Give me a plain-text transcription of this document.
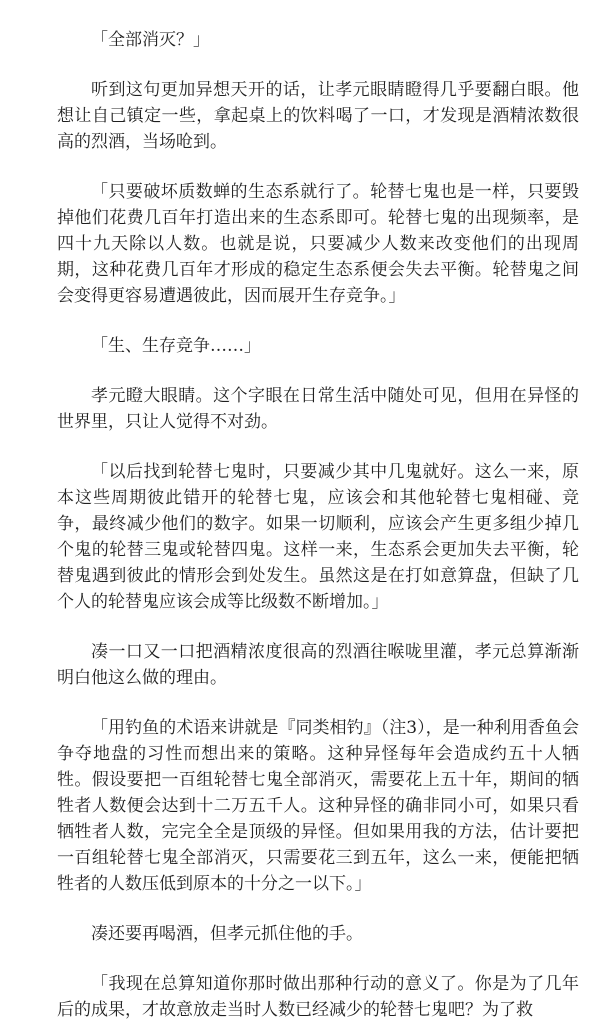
「全部消灭？」

听到这句更加异想天开的话，让孝元眼睛瞪得几乎要翻白眼。他想让自己镇定一些，拿起桌上的饮料喝了一口，才发现是酒精浓数很高的烈酒，当场呛到。

「只要破坏质数蝉的生态系就行了。轮替七鬼也是一样，只要毁掉他们花费几百年打造出来的生态系即可。轮替七鬼的出现频率，是四十九天除以人数。也就是说，只要减少人数来改变他们的出现周期，这种花费几百年才形成的稳定生态系便会失去平衡。轮替鬼之间会变得更容易遭遇彼此，因而展开生存竞争。」

「生、生存竞争……」

孝元瞪大眼睛。这个字眼在日常生活中随处可见，但用在异怪的世界里，只让人觉得不对劲。

「以后找到轮替七鬼时，只要减少其中几鬼就好。这么一来，原本这些周期彼此错开的轮替七鬼，应该会和其他轮替七鬼相碰、竞争，最终减少他们的数字。如果一切顺利，应该会产生更多组少掉几个鬼的轮替三鬼或轮替四鬼。这样一来，生态系会更加失去平衡，轮替鬼遇到彼此的情形会到处发生。虽然这是在打如意算盘，但缺了几个人的轮替鬼应该会成等比级数不断增加。」

凑一口又一口把酒精浓度很高的烈酒往喉咙里灌，孝元总算渐渐明白他这么做的理由。

「用钓鱼的术语来讲就是『同类相钓』（注3），是一种利用香鱼会争夺地盘的习性而想出来的策略。这种异怪每年会造成约五十人牺牲。假设要把一百组轮替七鬼全部消灭，需要花上五十年，期间的牺牲者人数便会达到十二万五千人。这种异怪的确非同小可，如果只看牺牲者人数，完完全全是顶级的异怪。但如果用我的方法，估计要把一百组轮替七鬼全部消灭，只需要花三到五年，这么一来，便能把牺牲者的人数压低到原本的十分之一以下。」

凑还要再喝酒，但孝元抓住他的手。

「我现在总算知道你那时做出那种行动的意义了。你是为了几年后的成果，才故意放走当时人数已经减少的轮替七鬼吧？为了救
